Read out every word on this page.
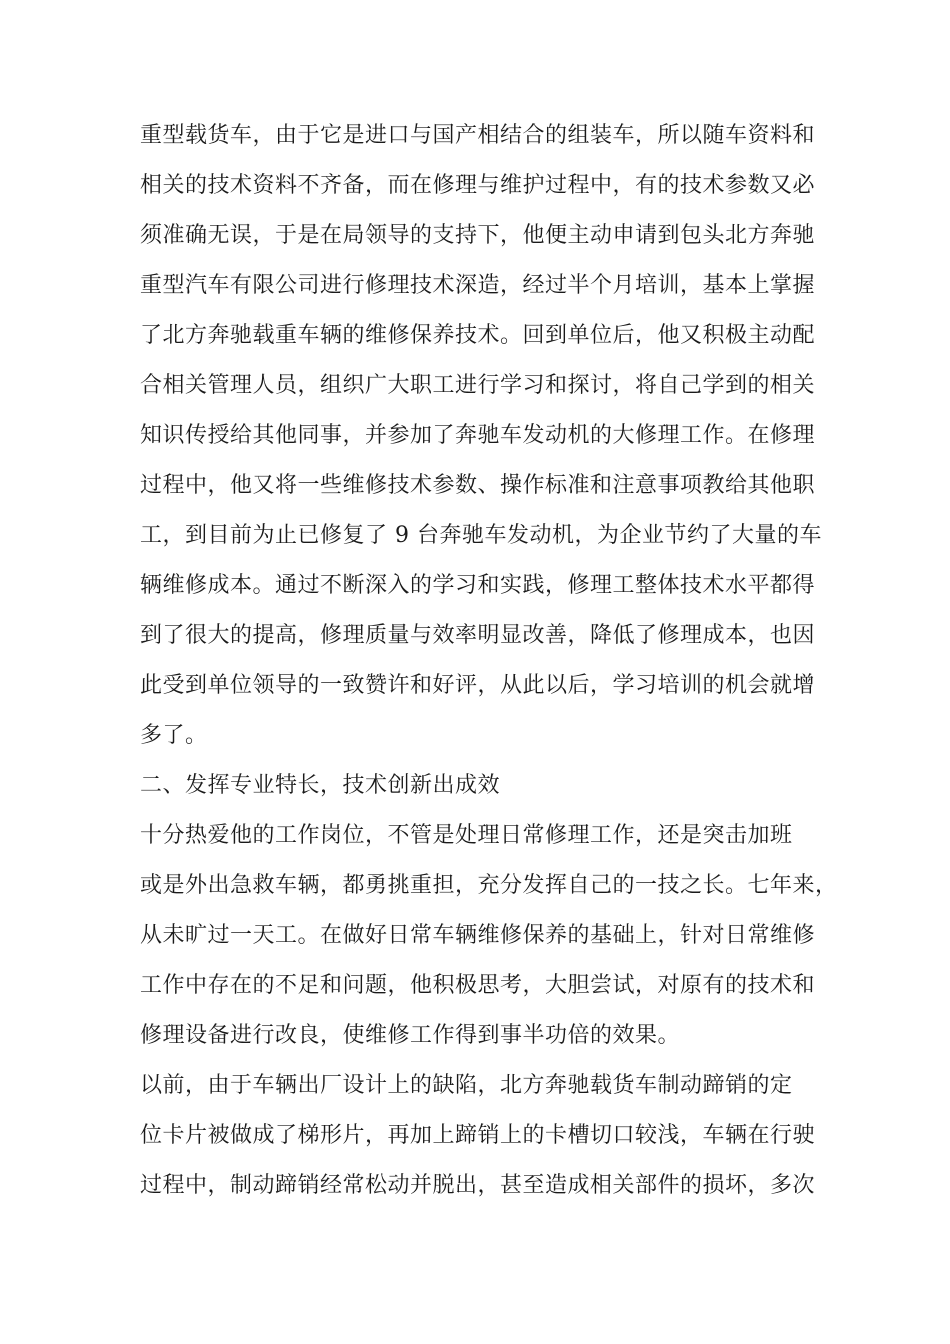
重型载货车，由于它是进口与国产相结合的组装车，所以随车资料和
相关的技术资料不齐备，而在修理与维护过程中，有的技术参数又必
须准确无误，于是在局领导的支持下，他便主动申请到包头北方奔驰
重型汽车有限公司进行修理技术深造，经过半个月培训，基本上掌握
了北方奔驰载重车辆的维修保养技术。回到单位后，他又积极主动配
合相关管理人员，组织广大职工进行学习和探讨，将自己学到的相关
知识传授给其他同事，并参加了奔驰车发动机的大修理工作。在修理
过程中，他又将一些维修技术参数、操作标准和注意事项教给其他职
工，到目前为止已修复了 9 台奔驰车发动机，为企业节约了大量的车
辆维修成本。通过不断深入的学习和实践，修理工整体技术水平都得
到了很大的提高，修理质量与效率明显改善，降低了修理成本，也因
此受到单位领导的一致赞许和好评，从此以后，学习培训的机会就增
多了。
二、发挥专业特长，技术创新出成效
十分热爱他的工作岗位，不管是处理日常修理工作，还是突击加班
或是外出急救车辆，都勇挑重担，充分发挥自己的一技之长。七年来，
从未旷过一天工。在做好日常车辆维修保养的基础上，针对日常维修
工作中存在的不足和问题，他积极思考，大胆尝试，对原有的技术和
修理设备进行改良，使维修工作得到事半功倍的效果。
以前，由于车辆出厂设计上的缺陷，北方奔驰载货车制动蹄销的定
位卡片被做成了梯形片，再加上蹄销上的卡槽切口较浅，车辆在行驶
过程中，制动蹄销经常松动并脱出，甚至造成相关部件的损坏，多次
